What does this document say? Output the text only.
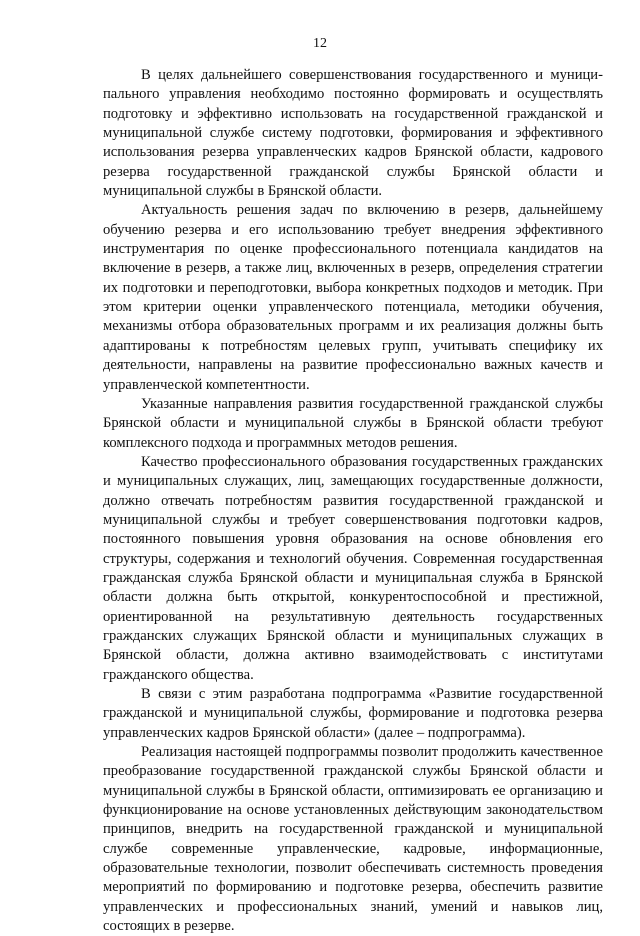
12

В целях дальнейшего совершенствования государственного и муниципального управления необходимо постоянно формировать и осуществлять подготовку и эффективно использовать на государственной гражданской и муниципальной службе систему подготовки, формирования и эффективного использования резерва управленческих кадров Брянской области, кадрового резерва государственной гражданской службы Брянской области и муниципальной службы в Брянской области.

Актуальность решения задач по включению в резерв, дальнейшему обучению резерва и его использованию требует внедрения эффективного инструментария по оценке профессионального потенциала кандидатов на включение в резерв, а также лиц, включенных в резерв, определения стратегии их подготовки и переподготовки, выбора конкретных подходов и методик. При этом критерии оценки управленческого потенциала, методики обучения, механизмы отбора образовательных программ и их реализация должны быть адаптированы к потребностям целевых групп, учитывать специфику их деятельности, направлены на развитие профессионально важных качеств и управленческой компетентности.

Указанные направления развития государственной гражданской службы Брянской области и муниципальной службы в Брянской области требуют комплексного подхода и программных методов решения.

Качество профессионального образования государственных гражданских и муниципальных служащих, лиц, замещающих государственные должности, должно отвечать потребностям развития государственной гражданской и муниципальной службы и требует совершенствования подготовки кадров, постоянного повышения уровня образования на основе обновления его структуры, содержания и технологий обучения. Современная государственная гражданская служба Брянской области и муниципальная служба в Брянской области должна быть открытой, конкурентоспособной и престижной, ориентированной на результативную деятельность государственных гражданских служащих Брянской области и муниципальных служащих в Брянской области, должна активно взаимодействовать с институтами гражданского общества.

В связи с этим разработана подпрограмма «Развитие государственной гражданской и муниципальной службы, формирование и подготовка резерва управленческих кадров Брянской области» (далее – подпрограмма).

Реализация настоящей подпрограммы позволит продолжить качественное преобразование государственной гражданской службы Брянской области и муниципальной службы в Брянской области, оптимизировать ее организацию и функционирование на основе установленных действующим законодательством принципов, внедрить на государственной гражданской и муниципальной службе современные управленческие, кадровые, информационные, образовательные технологии, позволит обеспечивать системность проведения мероприятий по формированию и подготовке резерва, обеспечить развитие управленческих и профессиональных знаний, умений и навыков лиц, состоящих в резерве.
